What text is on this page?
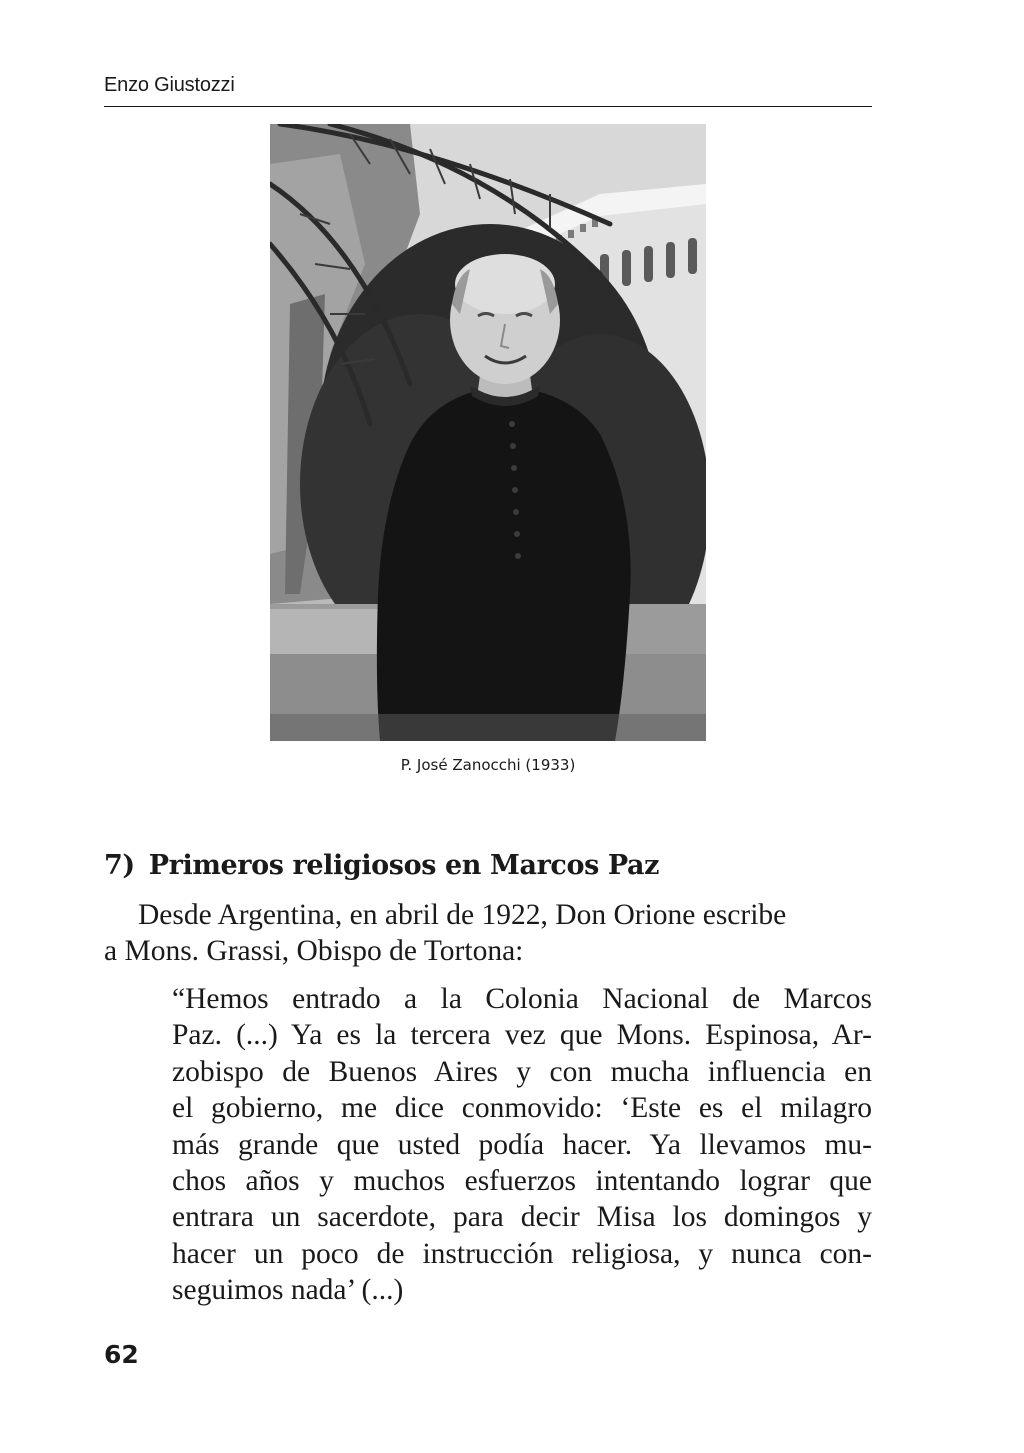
Enzo Giustozzi
P. José Zanocchi (1933)
7) Primeros religiosos en Marcos Paz
Desde Argentina, en abril de 1922, Don Orione escribe
a Mons. Grassi, Obispo de Tortona:
“Hemos entrado a la Colonia Nacional de Marcos
Paz. (...) Ya es la tercera vez que Mons. Espinosa, Ar-
zobispo de Buenos Aires y con mucha influencia en
el gobierno, me dice conmovido: ‘Este es el milagro
más grande que usted podía hacer. Ya llevamos mu-
chos años y muchos esfuerzos intentando lograr que
entrara un sacerdote, para decir Misa los domingos y
hacer un poco de instrucción religiosa, y nunca con-
seguimos nada’ (...)
62
